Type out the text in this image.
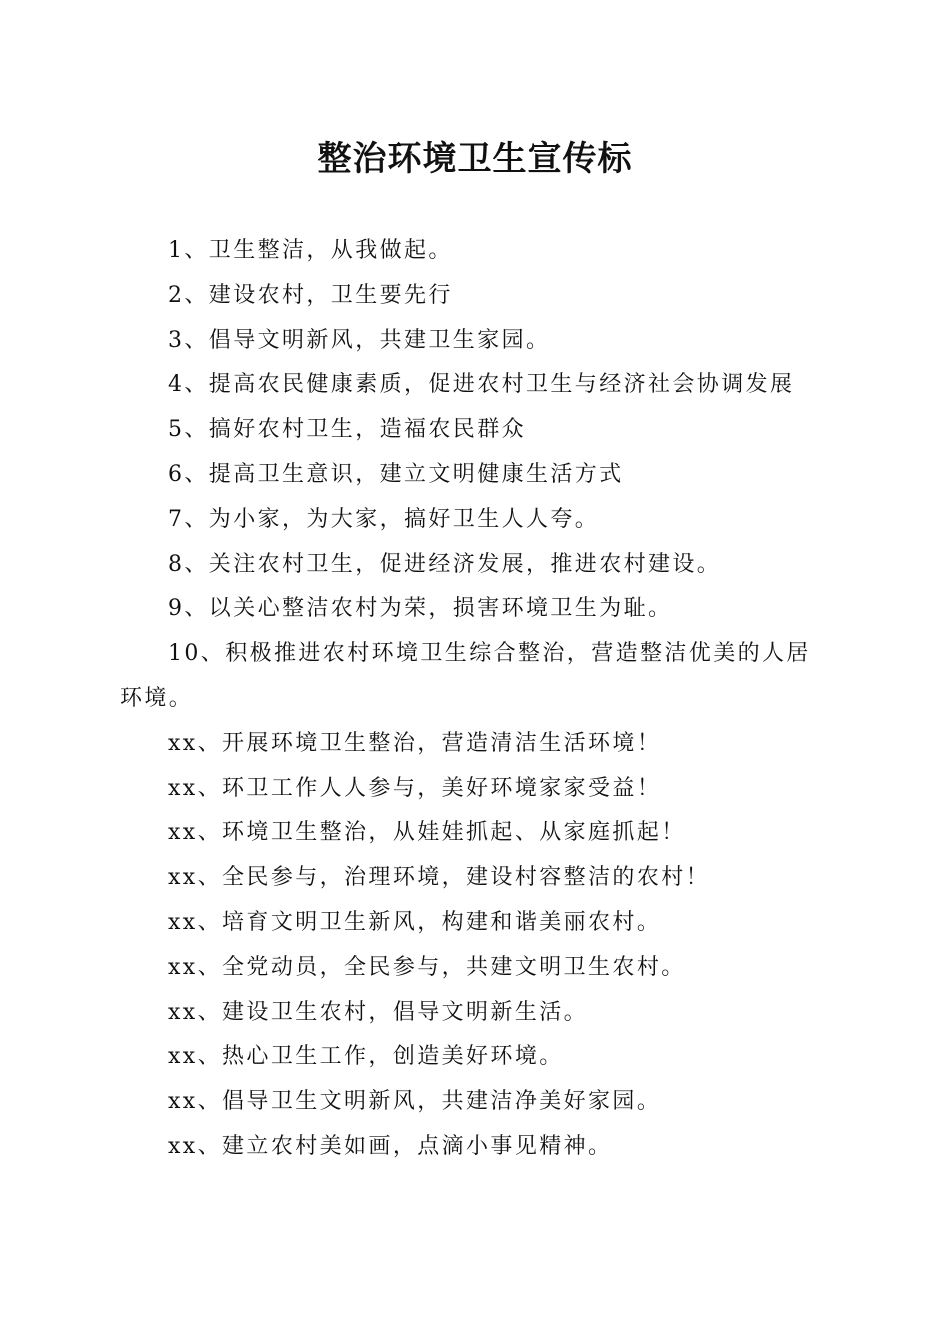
整治环境卫生宣传标
1、卫生整洁，从我做起。
2、建设农村，卫生要先行
3、倡导文明新风，共建卫生家园。
4、提高农民健康素质，促进农村卫生与经济社会协调发展
5、搞好农村卫生，造福农民群众
6、提高卫生意识，建立文明健康生活方式
7、为小家，为大家，搞好卫生人人夸。
8、关注农村卫生，促进经济发展，推进农村建设。
9、以关心整洁农村为荣，损害环境卫生为耻。
10、积极推进农村环境卫生综合整治，营造整洁优美的人居环境。
xx、开展环境卫生整治，营造清洁生活环境！
xx、环卫工作人人参与，美好环境家家受益！
xx、环境卫生整治，从娃娃抓起、从家庭抓起！
xx、全民参与，治理环境，建设村容整洁的农村！
xx、培育文明卫生新风，构建和谐美丽农村。
xx、全党动员，全民参与，共建文明卫生农村。
xx、建设卫生农村，倡导文明新生活。
xx、热心卫生工作，创造美好环境。
xx、倡导卫生文明新风，共建洁净美好家园。
xx、建立农村美如画，点滴小事见精神。
